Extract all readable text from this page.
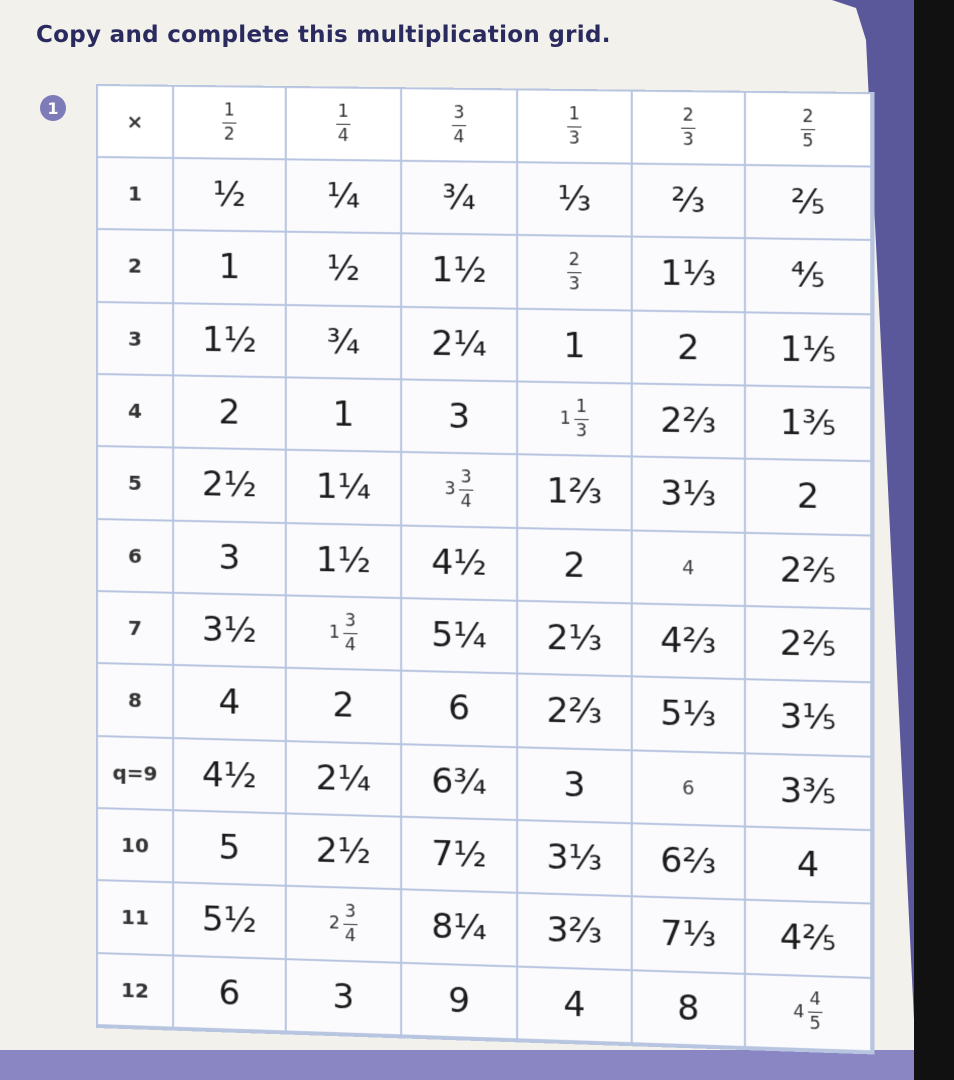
Copy and complete this multiplication grid.
1
×	$\frac{1}{2}$	$\frac{1}{4}$	$\frac{3}{4}$	$\frac{1}{3}$	$\frac{2}{3}$	$\frac{2}{5}$
1	½	¼	¾	⅓	⅔	⅖
2	1	½	1½	$\frac{2}{3}$	1⅓	⅘
3	1½	¾	2¼	1	2	1⅕
4	2	1	3	$1 \frac{1}{3}$	2⅔	1⅗
5	2½	1¼	$3 \frac{3}{4}$	1⅔	3⅓	2
6	3	1½	4½	2	4	2⅖
7	3½	$1 \frac{3}{4}$	5¼	2⅓	4⅔	2⅖
8	4	2	6	2⅔	5⅓	3⅕
q=9	4½	2¼	6¾	3	6	3⅗
10	5	2½	7½	3⅓	6⅔	4
11	5½	$2 \frac{3}{4}$	8¼	3⅔	7⅓	4⅖
12	6	3	9	4	8	$4 \frac{4}{5}$
